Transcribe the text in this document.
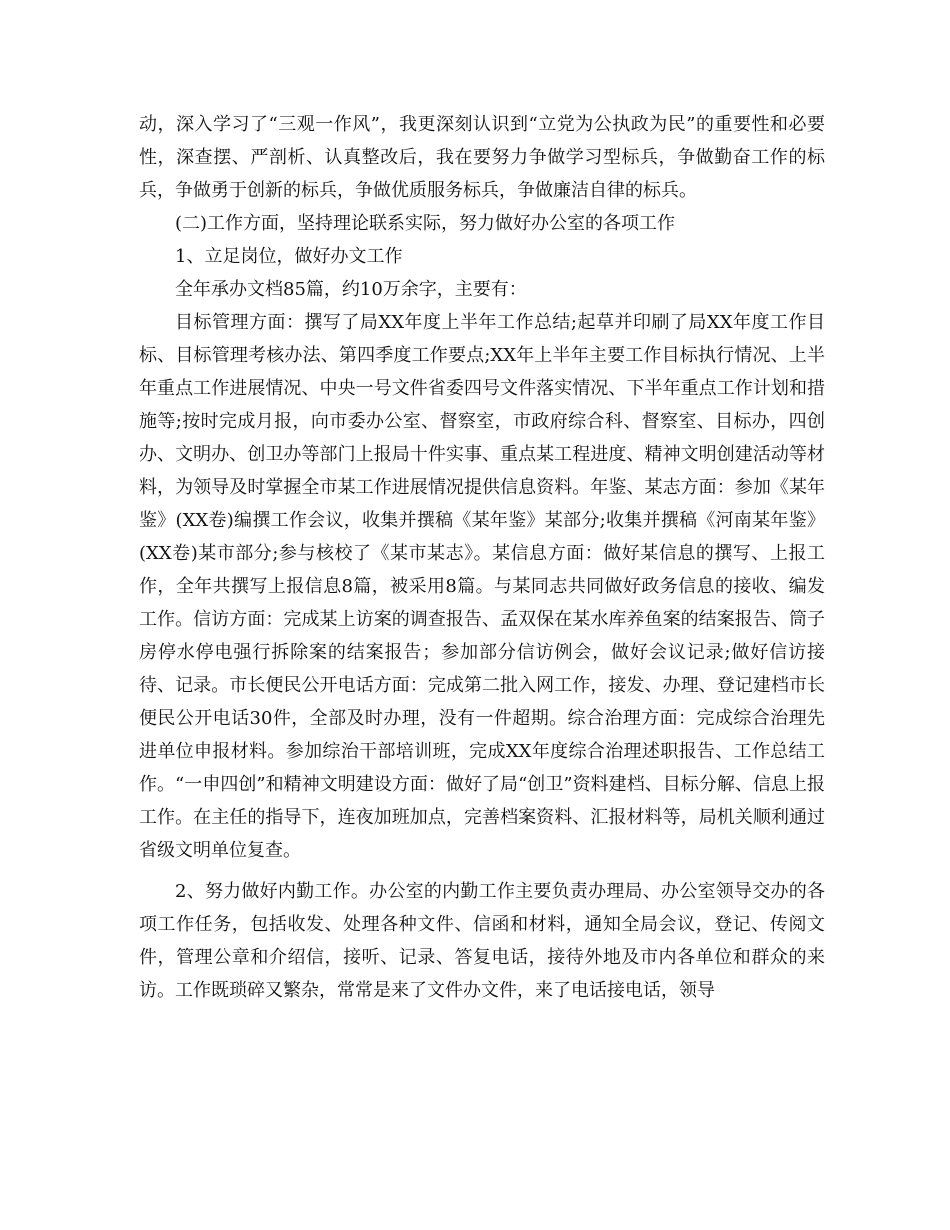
动，深入学习了“三观一作风”，我更深刻认识到“立党为公执政为民”的重要性和必要性，深查摆、严剖析、认真整改后，我在要努力争做学习型标兵，争做勤奋工作的标兵，争做勇于创新的标兵，争做优质服务标兵，争做廉洁自律的标兵。

(二)工作方面，坚持理论联系实际，努力做好办公室的各项工作

1、立足岗位，做好办文工作

全年承办文档85篇，约10万余字，主要有：

目标管理方面：撰写了局XX年度上半年工作总结;起草并印刷了局XX年度工作目标、目标管理考核办法、第四季度工作要点;XX年上半年主要工作目标执行情况、上半年重点工作进展情况、中央一号文件省委四号文件落实情况、下半年重点工作计划和措施等;按时完成月报，向市委办公室、督察室，市政府综合科、督察室、目标办，四创办、文明办、创卫办等部门上报局十件实事、重点某工程进度、精神文明创建活动等材料，为领导及时掌握全市某工作进展情况提供信息资料。年鉴、某志方面：参加《某年鉴》(XX卷)编撰工作会议，收集并撰稿《某年鉴》某部分;收集并撰稿《河南某年鉴》(XX卷)某市部分;参与核校了《某市某志》。某信息方面：做好某信息的撰写、上报工作，全年共撰写上报信息8篇，被采用8篇。与某同志共同做好政务信息的接收、编发工作。信访方面：完成某上访案的调查报告、孟双保在某水库养鱼案的结案报告、筒子房停水停电强行拆除案的结案报告；参加部分信访例会，做好会议记录;做好信访接待、记录。市长便民公开电话方面：完成第二批入网工作，接发、办理、登记建档市长便民公开电话30件，全部及时办理，没有一件超期。综合治理方面：完成综合治理先进单位申报材料。参加综治干部培训班，完成XX年度综合治理述职报告、工作总结工作。“一申四创”和精神文明建设方面：做好了局“创卫”资料建档、目标分解、信息上报工作。在主任的指导下，连夜加班加点，完善档案资料、汇报材料等，局机关顺利通过省级文明单位复查。

2、努力做好内勤工作。办公室的内勤工作主要负责办理局、办公室领导交办的各项工作任务，包括收发、处理各种文件、信函和材料，通知全局会议，登记、传阅文件，管理公章和介绍信，接听、记录、答复电话，接待外地及市内各单位和群众的来访。工作既琐碎又繁杂，常常是来了文件办文件，来了电话接电话，领导
